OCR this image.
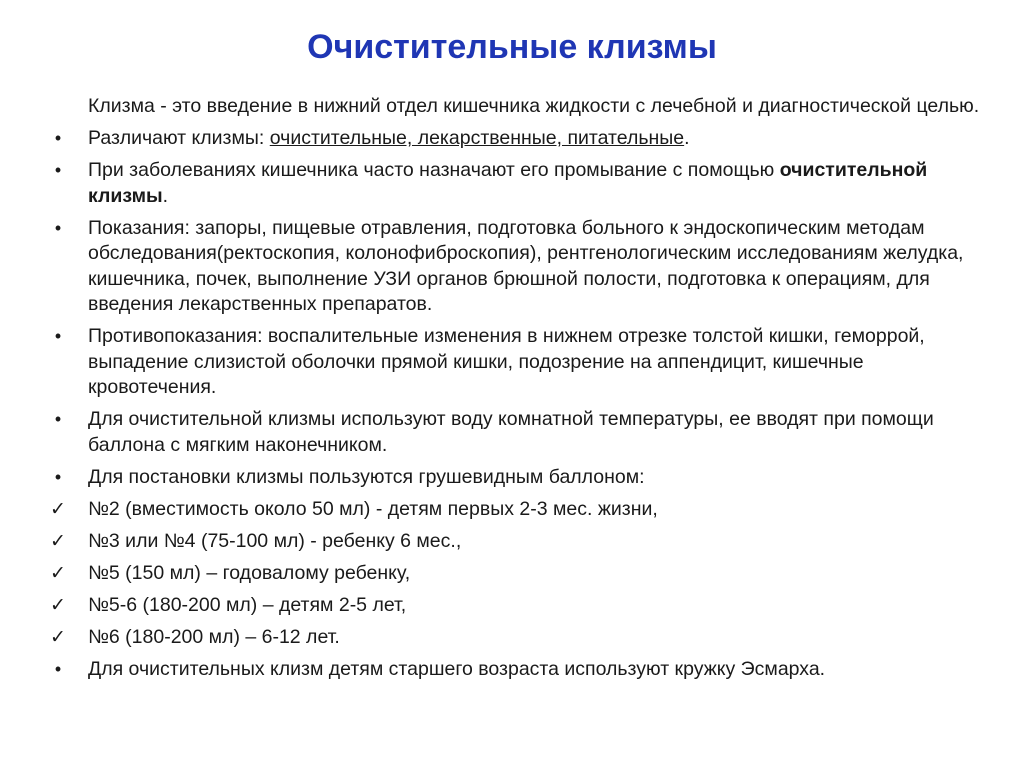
Очистительные клизмы
Клизма - это введение в нижний отдел кишечника жидкости с лечебной и диагностической целью.
•	Различают клизмы: очистительные, лекарственные, питательные.
•	При заболеваниях кишечника часто назначают его промывание с помощью очистительной клизмы.
•	Показания: запоры, пищевые отравления, подготовка больного к эндоскопическим методам обследования(ректоскопия, колонофиброскопия), рентгенологическим исследованиям желудка, кишечника, почек, выполнение УЗИ органов брюшной полости, подготовка к операциям, для введения лекарственных препаратов.
•	Противопоказания: воспалительные изменения в нижнем отрезке толстой кишки, геморрой, выпадение слизистой оболочки прямой кишки, подозрение на аппендицит, кишечные кровотечения.
•	Для очистительной клизмы используют воду комнатной температуры, ее вводят при помощи баллона с мягким наконечником.
•	Для постановки клизмы пользуются грушевидным баллоном:
✓ №2 (вместимость около 50 мл) - детям первых 2-3 мес. жизни,
✓ №3 или №4 (75-100 мл) - ребенку 6 мес.,
✓ №5 (150 мл) – годовалому ребенку,
✓ №5-6 (180-200 мл) – детям 2-5 лет,
✓ №6 (180-200 мл) – 6-12 лет.
•	Для очистительных клизм детям старшего возраста используют кружку Эсмарха.
